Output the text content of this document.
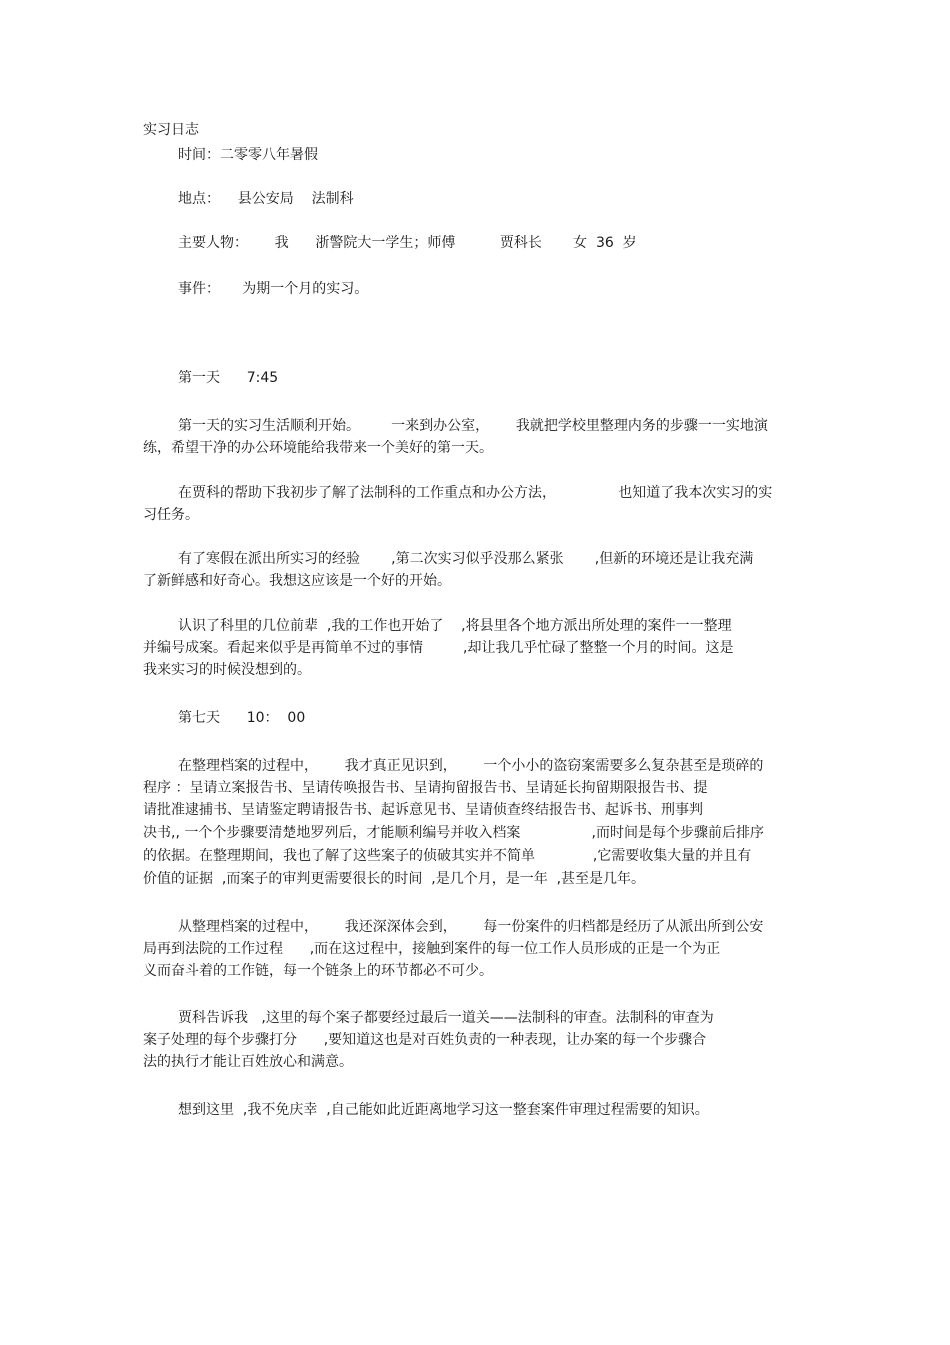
实习日志
时间：二零零八年暑假
地点：    县公安局    法制科
主要人物：      我      浙警院大一学生；师傅          贾科长       女  36  岁
事件：     为期一个月的实习。
第一天      7:45
第一天的实习生活顺利开始。       一来到办公室，      我就把学校里整理内务的步骤一一实地演
练，希望干净的办公环境能给我带来一个美好的第一天。
在贾科的帮助下我初步了解了法制科的工作重点和办公方法，              也知道了我本次实习的实
习任务。
有了寒假在派出所实习的经验       ,第二次实习似乎没那么紧张       ,但新的环境还是让我充满
了新鲜感和好奇心。我想这应该是一个好的开始。
认识了科里的几位前辈  ,我的工作也开始了    ,将县里各个地方派出所处理的案件一一整理
并编号成案。看起来似乎是再简单不过的事情         ,却让我几乎忙碌了整整一个月的时间。这是
我来实习的时候没想到的。
第七天      10：  00
在整理档案的过程中，      我才真正见识到，      一个小小的盗窃案需要多么复杂甚至是琐碎的
程序 ：呈请立案报告书、呈请传唤报告书、呈请拘留报告书、呈请延长拘留期限报告书、提
请批准逮捕书、呈请鉴定聘请报告书、起诉意见书、呈请侦查终结报告书、起诉书、刑事判
决书,, 一个个步骤要清楚地罗列后，才能顺利编号并收入档案                ,而时间是每个步骤前后排序
的依据。在整理期间，我也了解了这些案子的侦破其实并不简单             ,它需要收集大量的并且有
价值的证据  ,而案子的审判更需要很长的时间  ,是几个月，是一年  ,甚至是几年。
从整理档案的过程中，      我还深深体会到，      每一份案件的归档都是经历了从派出所到公安
局再到法院的工作过程      ,而在这过程中，接触到案件的每一位工作人员形成的正是一个为正
义而奋斗着的工作链，每一个链条上的环节都必不可少。
贾科告诉我   ,这里的每个案子都要经过最后一道关——法制科的审查。法制科的审查为
案子处理的每个步骤打分      ,要知道这也是对百姓负责的一种表现，让办案的每一个步骤合
法的执行才能让百姓放心和满意。
想到这里  ,我不免庆幸  ,自己能如此近距离地学习这一整套案件审理过程需要的知识。
